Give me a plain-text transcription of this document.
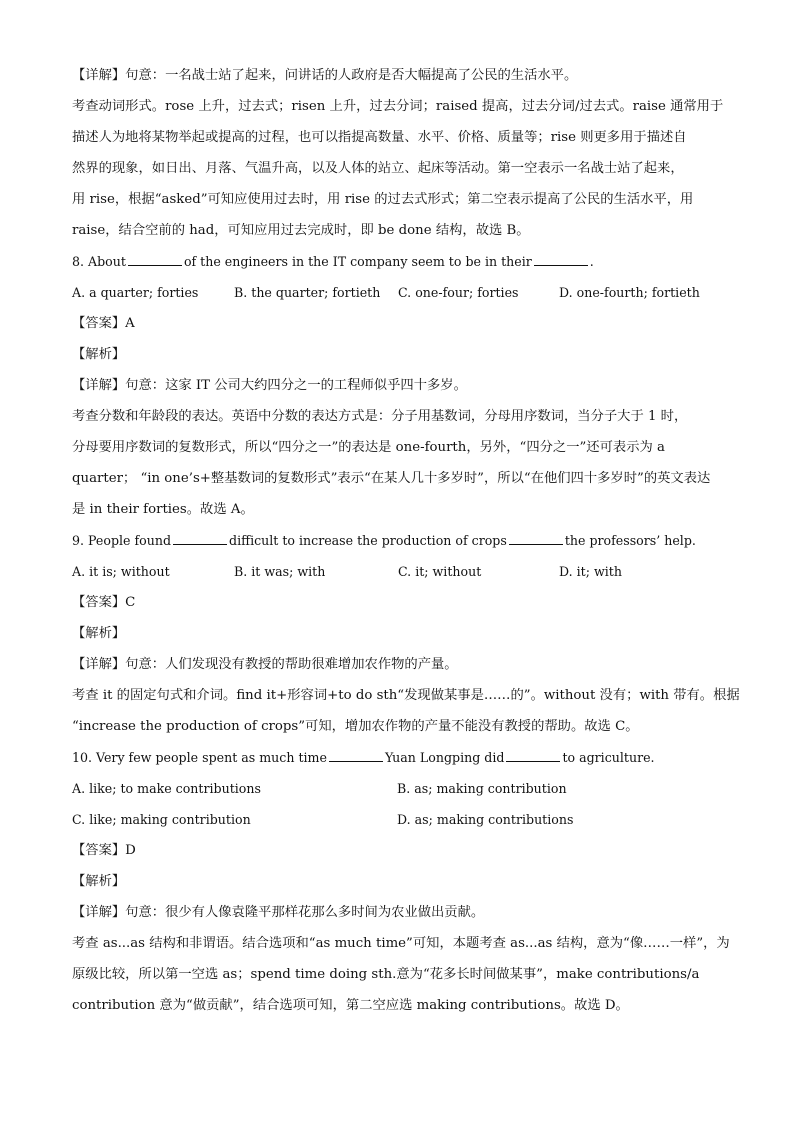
【详解】句意：一名战士站了起来，问讲话的人政府是否大幅提高了公民的生活水平。
考查动词形式。rose 上升，过去式；risen 上升，过去分词；raised 提高，过去分词/过去式。raise 通常用于
描述人为地将某物举起或提高的过程，也可以指提高数量、水平、价格、质量等；rise 则更多用于描述自
然界的现象，如日出、月落、气温升高，以及人体的站立、起床等活动。第一空表示一名战士站了起来，
用 rise，根据“asked”可知应使用过去时，用 rise 的过去式形式；第二空表示提高了公民的生活水平，用
raise，结合空前的 had，可知应用过去完成时，即 be done 结构，故选 B。
8. About	of the engineers in the IT company seem to be in their	.
A. a quarter; forties	B. the quarter; fortieth	C. one-four; forties	D. one-fourth; fortieth
【答案】A
【解析】
【详解】句意：这家 IT 公司大约四分之一的工程师似乎四十多岁。
考查分数和年龄段的表达。英语中分数的表达方式是：分子用基数词，分母用序数词，当分子大于 1 时，
分母要用序数词的复数形式，所以“四分之一”的表达是 one-fourth，另外，“四分之一”还可表示为 a
quarter； “in one’s+整基数词的复数形式”表示“在某人几十多岁时”，所以“在他们四十多岁时”的英文表达
是 in their forties。故选 A。
9. People found	difficult to increase the production of crops	the professors’ help.
A. it is; without	B. it was; with	C. it; without	D. it; with
【答案】C
【解析】
【详解】句意：人们发现没有教授的帮助很难增加农作物的产量。
考查 it 的固定句式和介词。find it+形容词+to do sth“发现做某事是……的”。without 没有；with 带有。根据
“increase the production of crops”可知，增加农作物的产量不能没有教授的帮助。故选 C。
10. Very few people spent as much time	Yuan Longping did	to agriculture.
A. like; to make contributions	B. as; making contribution
C. like; making contribution	D. as; making contributions
【答案】D
【解析】
【详解】句意：很少有人像袁隆平那样花那么多时间为农业做出贡献。
考查 as...as 结构和非谓语。结合选项和“as much time”可知，本题考查 as...as 结构，意为“像……一样”，为
原级比较，所以第一空选 as；spend time doing sth.意为“花多长时间做某事”，make contributions/a
contribution 意为“做贡献”，结合选项可知，第二空应选 making contributions。故选 D。
